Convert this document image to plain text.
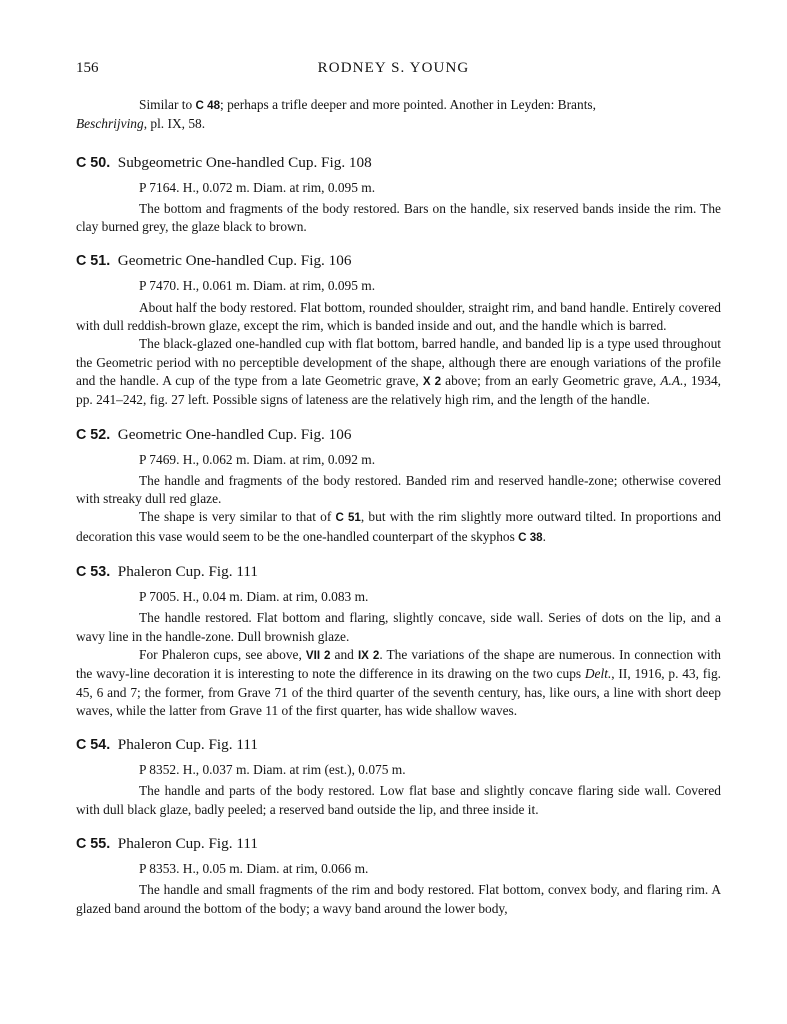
156	RODNEY S. YOUNG

Similar to C 48; perhaps a trifle deeper and more pointed. Another in Leyden: Brants,
Beschrijving, pl. IX, 58.

C 50. Subgeometric One-handled Cup. Fig. 108

P 7164. H., 0.072 m. Diam. at rim, 0.095 m.

The bottom and fragments of the body restored. Bars on the handle, six reserved bands inside the rim. The clay burned grey, the glaze black to brown.

C 51. Geometric One-handled Cup. Fig. 106

P 7470. H., 0.061 m. Diam. at rim, 0.095 m.

About half the body restored. Flat bottom, rounded shoulder, straight rim, and band handle. Entirely covered with dull reddish-brown glaze, except the rim, which is banded inside and out, and the handle which is barred.

The black-glazed one-handled cup with flat bottom, barred handle, and banded lip is a type used throughout the Geometric period with no perceptible development of the shape, although there are enough variations of the profile and the handle. A cup of the type from a late Geometric grave, X 2 above; from an early Geometric grave, A.A., 1934, pp. 241–242, fig. 27 left. Possible signs of lateness are the relatively high rim, and the length of the handle.

C 52. Geometric One-handled Cup. Fig. 106

P 7469. H., 0.062 m. Diam. at rim, 0.092 m.

The handle and fragments of the body restored. Banded rim and reserved handle-zone; otherwise covered with streaky dull red glaze.

The shape is very similar to that of C 51, but with the rim slightly more outward tilted. In proportions and decoration this vase would seem to be the one-handled counterpart of the skyphos C 38.

C 53. Phaleron Cup. Fig. 111

P 7005. H., 0.04 m. Diam. at rim, 0.083 m.

The handle restored. Flat bottom and flaring, slightly concave, side wall. Series of dots on the lip, and a wavy line in the handle-zone. Dull brownish glaze.

For Phaleron cups, see above, VII 2 and IX 2. The variations of the shape are numerous. In connection with the wavy-line decoration it is interesting to note the difference in its drawing on the two cups Delt., II, 1916, p. 43, fig. 45, 6 and 7; the former, from Grave 71 of the third quarter of the seventh century, has, like ours, a line with short deep waves, while the latter from Grave 11 of the first quarter, has wide shallow waves.

C 54. Phaleron Cup. Fig. 111

P 8352. H., 0.037 m. Diam. at rim (est.), 0.075 m.

The handle and parts of the body restored. Low flat base and slightly concave flaring side wall. Covered with dull black glaze, badly peeled; a reserved band outside the lip, and three inside it.

C 55. Phaleron Cup. Fig. 111

P 8353. H., 0.05 m. Diam. at rim, 0.066 m.

The handle and small fragments of the rim and body restored. Flat bottom, convex body, and flaring rim. A glazed band around the bottom of the body; a wavy band around the lower body,
